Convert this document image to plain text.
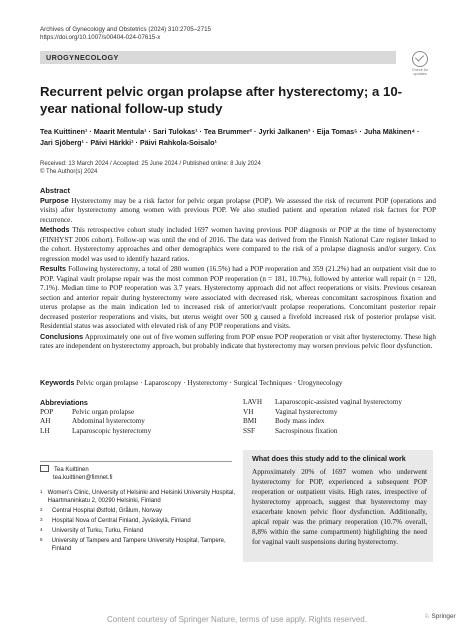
Archives of Gynecology and Obstetrics (2024) 310:2705–2715
https://doi.org/10.1007/s00404-024-07615-x
UROGYNECOLOGY
Check for
updates
Recurrent pelvic organ prolapse after hysterectomy; a 10-year national follow-up study
Tea Kuittinen¹ · Maarit Mentula¹ · Sari Tulokas¹ · Tea Brummer² · Jyrki Jalkanen³ · Eija Tomas⁵ · Juha Mäkinen⁴ ·
Jari Sjöberg¹ · Päivi Härkki¹ · Päivi Rahkola-Soisalo¹
Received: 13 March 2024 / Accepted: 25 June 2024 / Published online: 8 July 2024
© The Author(s) 2024
Abstract

Purpose Hysterectomy may be a risk factor for pelvic organ prolapse (POP). We assessed the risk of recurrent POP (operations and visits) after hysterectomy among women with previous POP. We also studied patient and operation related risk factors for POP recurrence.

Methods This retrospective cohort study included 1697 women having previous POP diagnosis or POP at the time of hysterectomy (FINHYST 2006 cohort). Follow-up was until the end of 2016. The data was derived from the Finnish National Care register linked to the cohort. Hysterectomy approaches and other demographics were compared to the risk of a prolapse diagnosis and/or surgery. Cox regression model was used to identify hazard ratios.

Results Following hysterectomy, a total of 280 women (16.5%) had a POP reoperation and 359 (21.2%) had an outpatient visit due to POP. Vaginal vault prolapse repair was the most common POP reoperation (n = 181, 10.7%), followed by anterior wall repair (n = 120, 7.1%). Median time to POP reoperation was 3.7 years. Hysterectomy approach did not affect reoperations or visits. Previous cesarean section and anterior repair during hysterectomy were associated with decreased risk, whereas concomitant sacrospinous fixation and uterus prolapse as the main indication led to increased risk of anterior/vault prolapse reoperations. Concomitant posterior repair decreased posterior reoperations and visits, but uterus weight over 500 g caused a fivefold increased risk of posterior prolapse visit. Residential status was associated with elevated risk of any POP reoperations and visits.

Conclusions Approximately one out of five women suffering from POP ensue POP reoperation or visit after hysterectomy. These high rates are independent on hysterectomy approach, but probably indicate that hysterectomy may worsen previous pelvic floor dysfunction.

Keywords Pelvic organ prolapse · Laparoscopy · Hysterectomy · Surgical Techniques · Urogynecology
Abbreviations
POP	Pelvic organ prolapse
AH	Abdominal hysterectomy
LH	Laparoscopic hysterectomy
LAVH	Laparoscopic-assisted vaginal hysterectomy
VH	Vaginal hysterectomy
BMI	Body mass index
SSF	Sacrospinous fixation
Tea Kuittinen
tea.kuittinen@fimnet.fi
1 Women's Clinic, University of Helsinki and Helsinki University Hospital, Haartmaninkatu 2, 00290 Helsinki, Finland
2	Central Hospital Østfold, Grålum, Norway
3	Hospital Nova of Central Finland, Jyväskylä, Finland
4	University of Turku, Turku, Finland
5	University of Tampere and Tampere University Hospital, Tampere, Finland
What does this study add to the clinical work
Approximately 20% of 1697 women who underwent hysterectomy for POP, experienced a subsequent POP reoperation or outpatient visits. High rates, irrespective of hysterectomy approach, suggest that hysterectomy may exacerbate known pelvic floor dysfunction. Additionally, apical repair was the primary reoperation (10.7% overall, 8,8% within the same compartment) highlighting the need for vaginal vault suspensions during hysterectomy.
♘ Springer
Content courtesy of Springer Nature, terms of use apply. Rights reserved.
